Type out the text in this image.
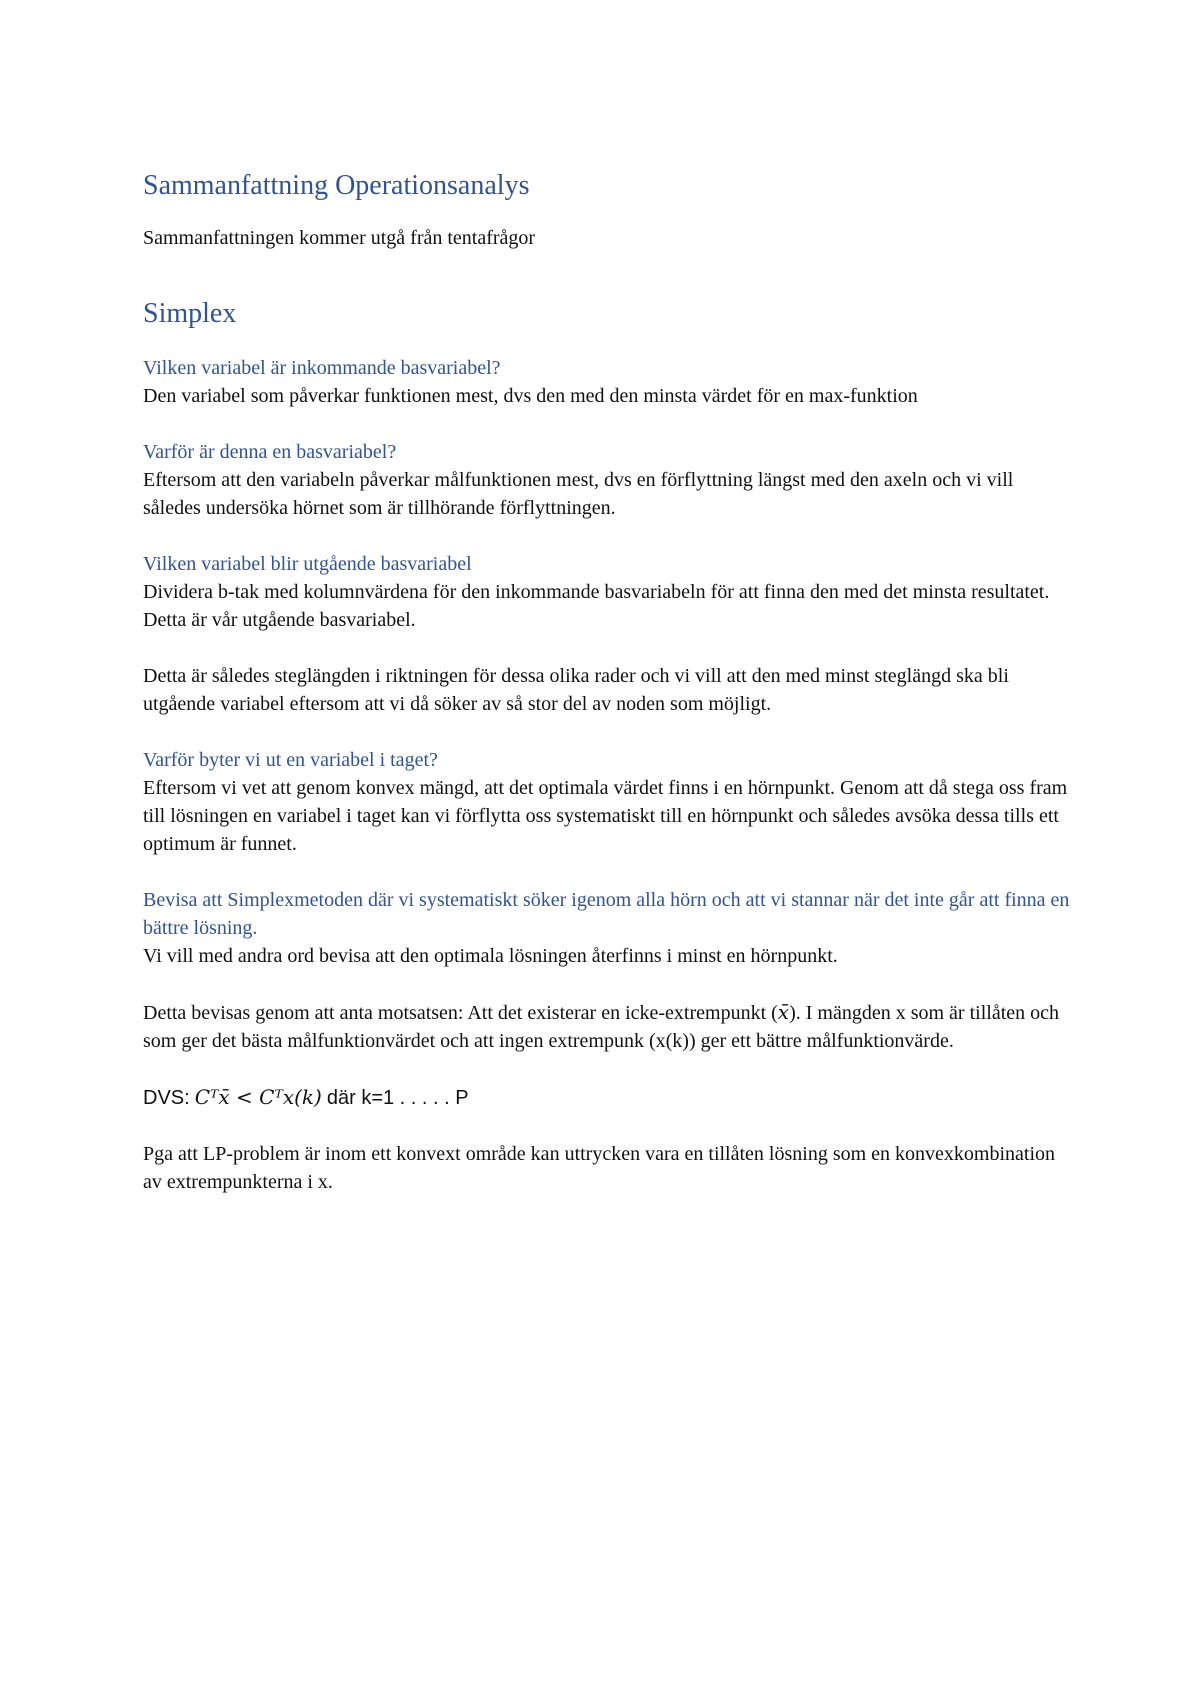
Sammanfattning Operationsanalys

Sammanfattningen kommer utgå från tentafrågor

Simplex

Vilken variabel är inkommande basvariabel?

Den variabel som påverkar funktionen mest, dvs den med den minsta värdet för en max-funktion

Varför är denna en basvariabel?

Eftersom att den variabeln påverkar målfunktionen mest, dvs en förflyttning längst med den axeln och vi vill således undersöka hörnet som är tillhörande förflyttningen.

Vilken variabel blir utgående basvariabel

Dividera b-tak med kolumnvärdena för den inkommande basvariabeln för att finna den med det minsta resultatet. Detta är vår utgående basvariabel.

Detta är således steglängden i riktningen för dessa olika rader och vi vill att den med minst steglängd ska bli utgående variabel eftersom att vi då söker av så stor del av noden som möjligt.

Varför byter vi ut en variabel i taget?

Eftersom vi vet att genom konvex mängd, att det optimala värdet finns i en hörnpunkt. Genom att då stega oss fram till lösningen en variabel i taget kan vi förflytta oss systematiskt till en hörnpunkt och således avsöka dessa tills ett optimum är funnet.

Bevisa att Simplexmetoden där vi systematiskt söker igenom alla hörn och att vi stannar när det inte går att finna en bättre lösning.

Vi vill med andra ord bevisa att den optimala lösningen återfinns i minst en hörnpunkt.

Detta bevisas genom att anta motsatsen: Att det existerar en icke-extrempunkt (x̄). I mängden x som är tillåten och som ger det bästa målfunktionvärdet och att ingen extrempunk (x(k)) ger ett bättre målfunktionvärde.

DVS: Cᵀx̄ < Cᵀx(k) där k=1 . . . . . P

Pga att LP-problem är inom ett konvext område kan uttrycken vara en tillåten lösning som en konvexkombination av extrempunkterna i x.
